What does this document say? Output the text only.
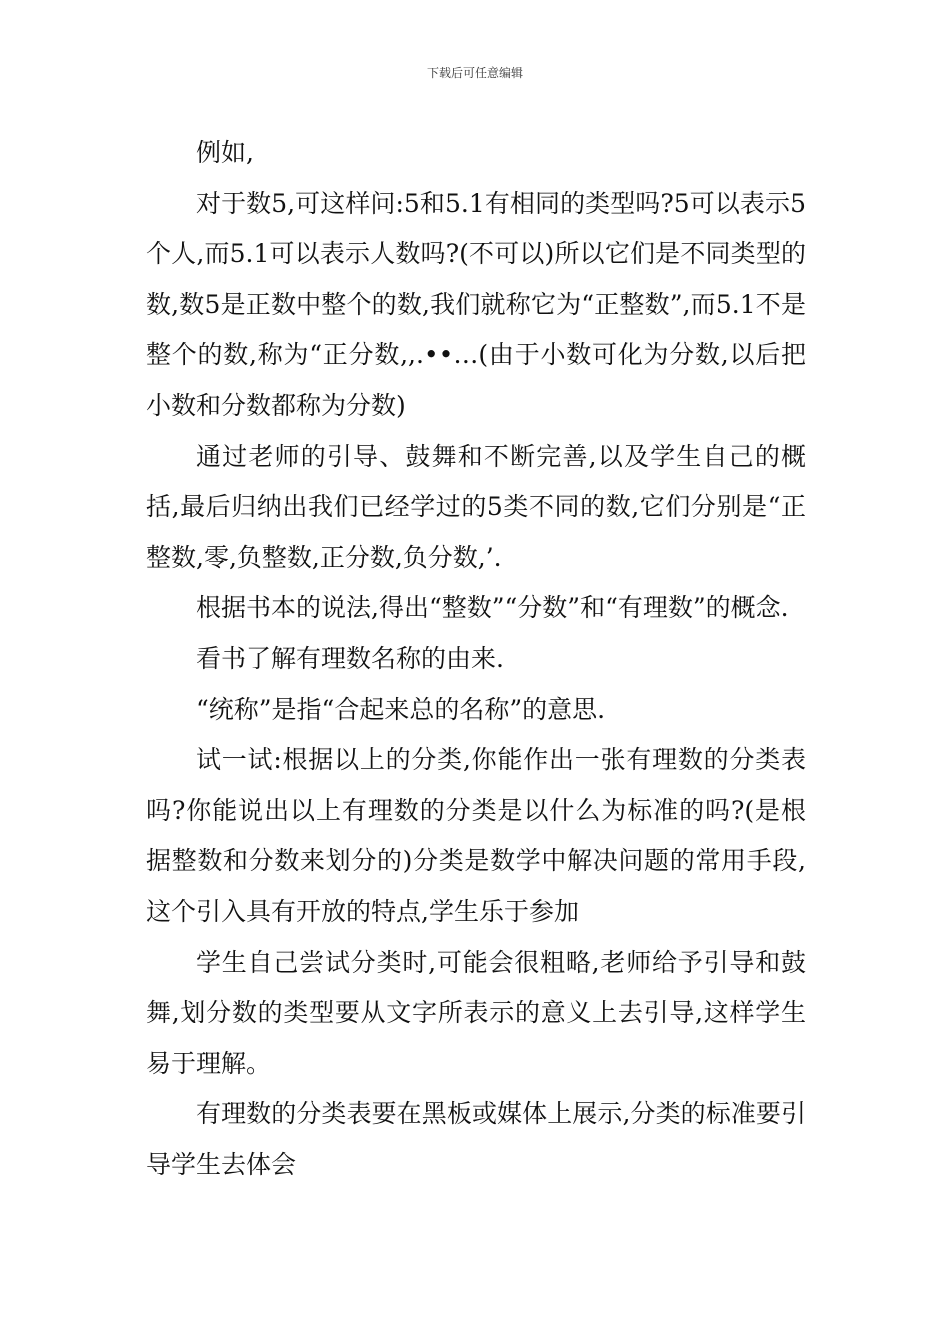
下载后可任意编辑

例如,

对于数5,可这样问:5和5.1有相同的类型吗?5可以表示5个人,而5.1可以表示人数吗?(不可以)所以它们是不同类型的数,数5是正数中整个的数,我们就称它为“正整数”,而5.1不是整个的数,称为“正分数,,.••…(由于小数可化为分数,以后把小数和分数都称为分数)

通过老师的引导、鼓舞和不断完善,以及学生自己的概括,最后归纳出我们已经学过的5类不同的数,它们分别是“正整数,零,负整数,正分数,负分数,’.

根据书本的说法,得出“整数”“分数”和“有理数”的概念.

看书了解有理数名称的由来.

“统称”是指“合起来总的名称”的意思.

试一试:根据以上的分类,你能作出一张有理数的分类表吗?你能说出以上有理数的分类是以什么为标准的吗?(是根据整数和分数来划分的)分类是数学中解决问题的常用手段,这个引入具有开放的特点,学生乐于参加

学生自己尝试分类时,可能会很粗略,老师给予引导和鼓舞,划分数的类型要从文字所表示的意义上去引导,这样学生易于理解。

有理数的分类表要在黑板或媒体上展示,分类的标准要引导学生去体会
